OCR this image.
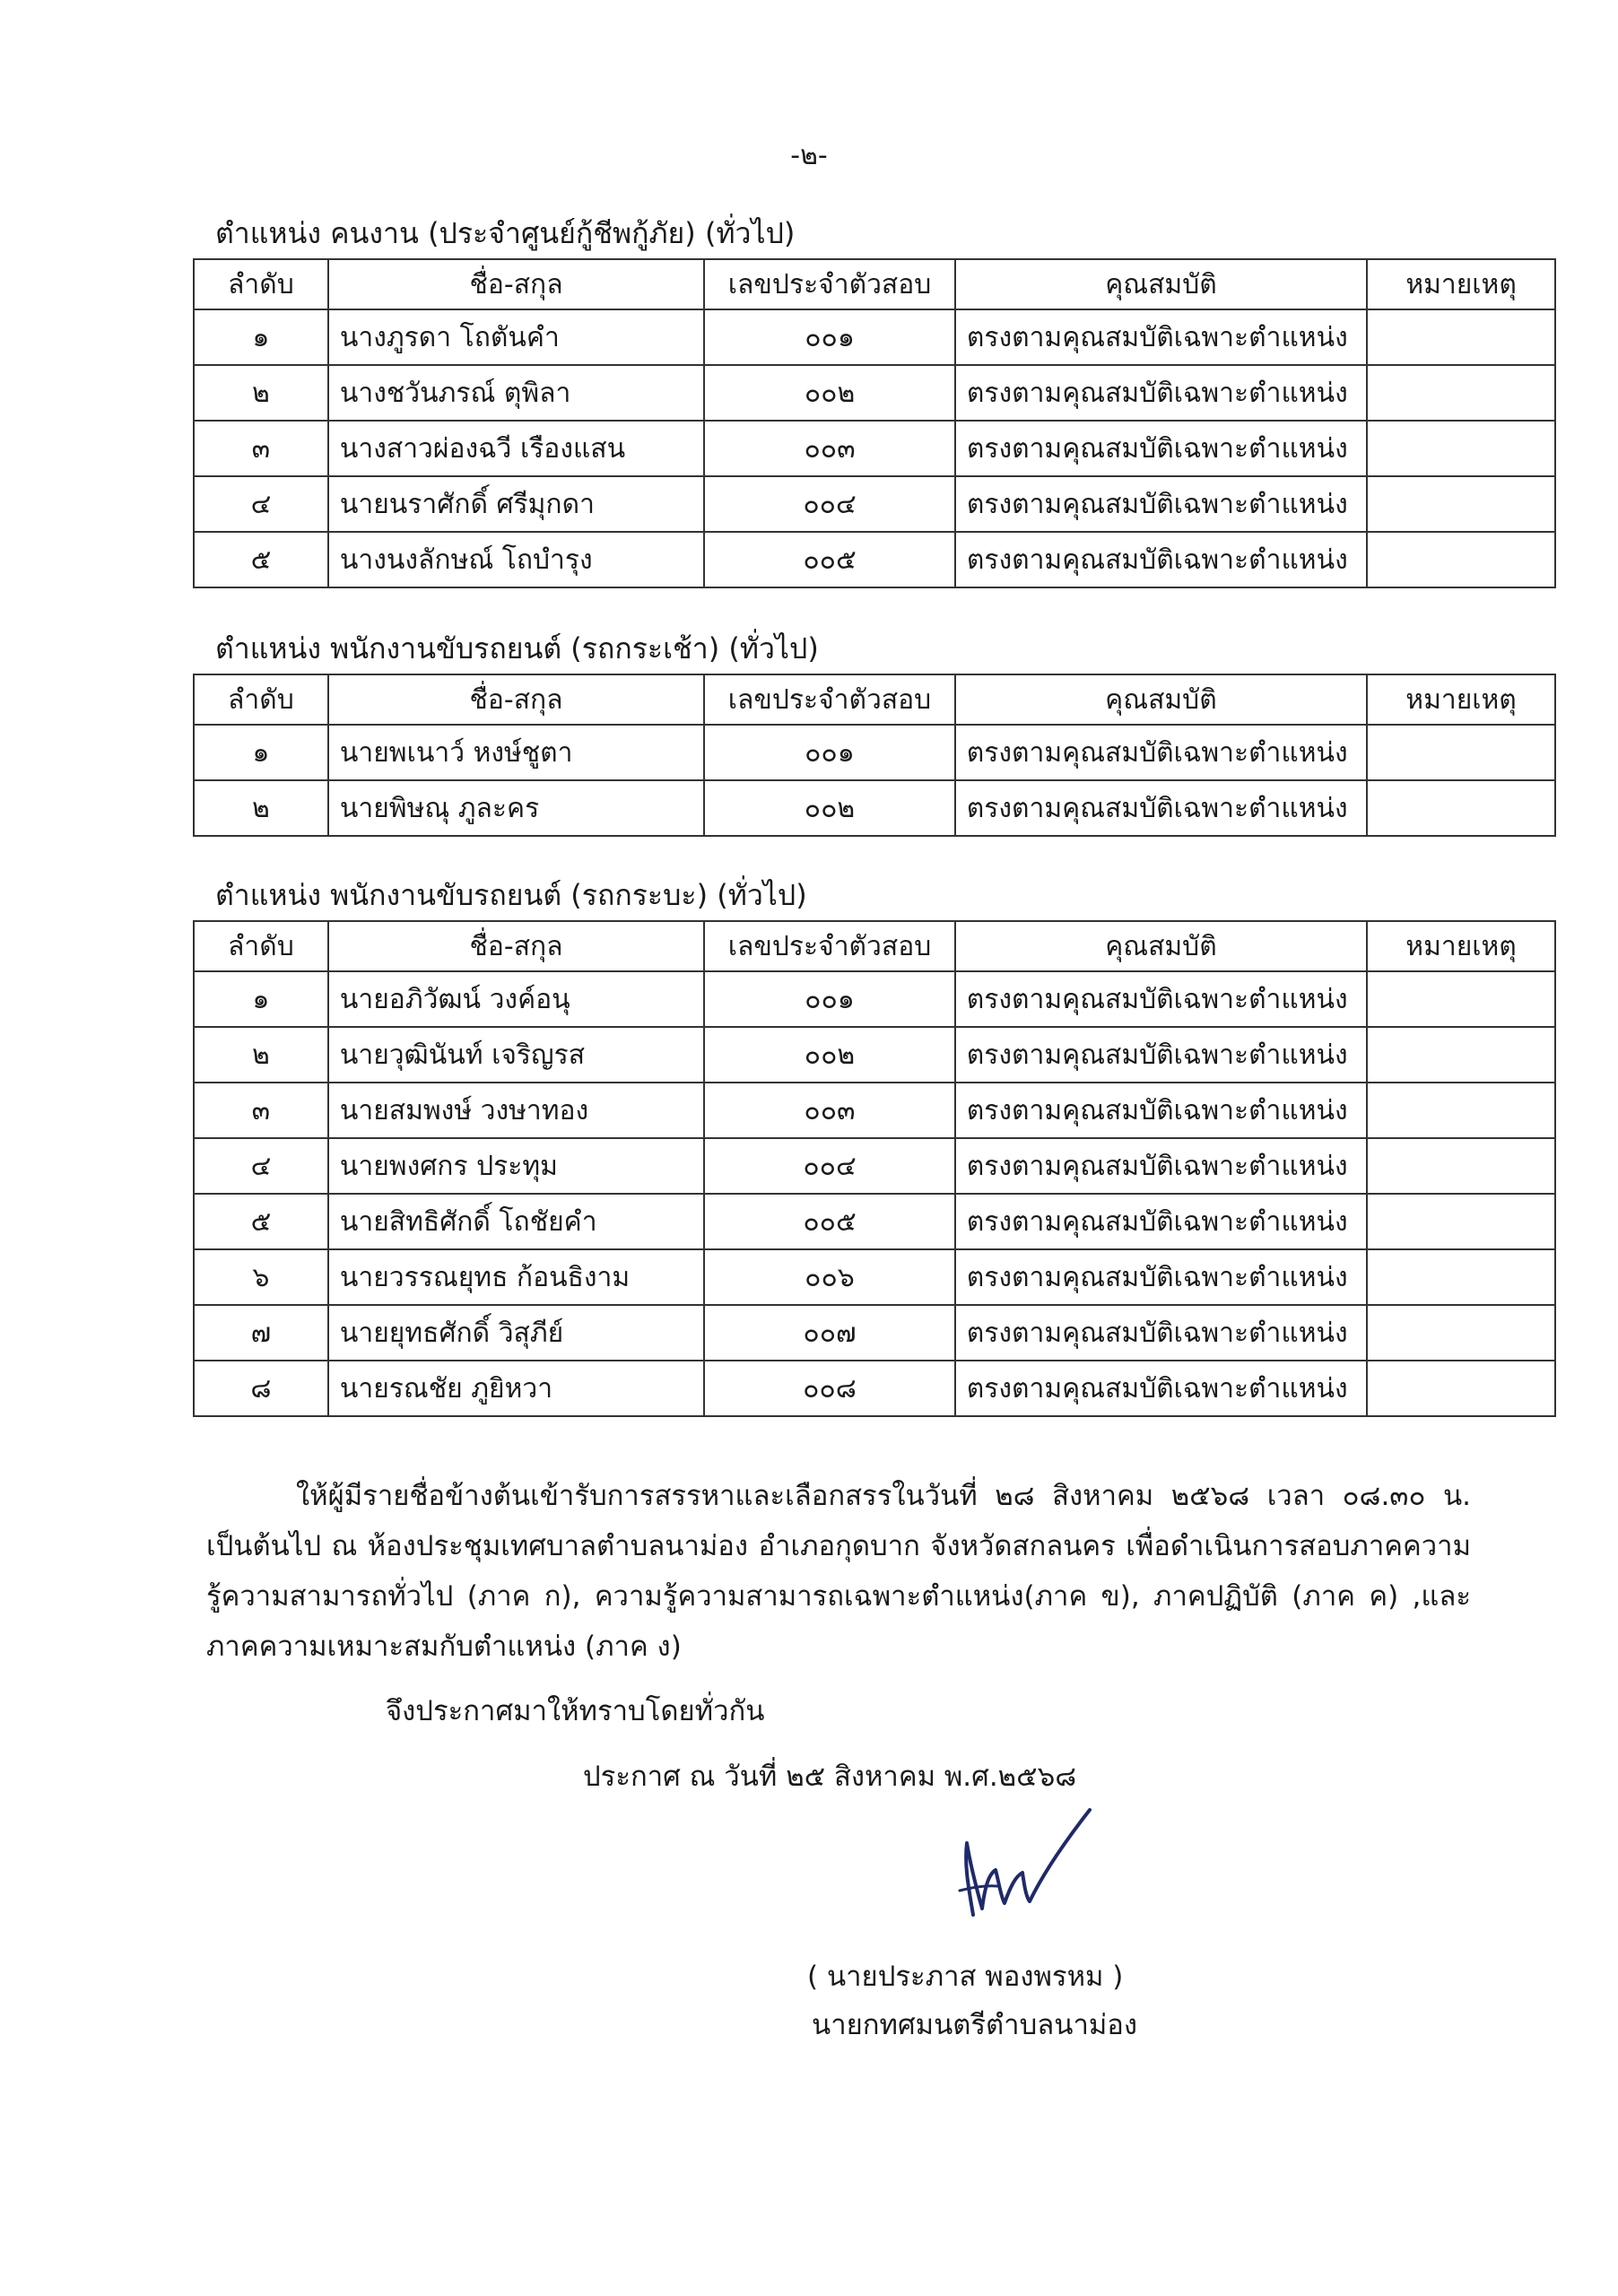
-๒-
ตำแหน่ง คนงาน (ประจำศูนย์กู้ชีพกู้ภัย) (ทั่วไป)
ลำดับ	ชื่อ-สกุล	เลขประจำตัวสอบ	คุณสมบัติ	หมายเหตุ
๑	นางภูรดา โถตันคำ	๐๐๑	ตรงตามคุณสมบัติเฉพาะตำแหน่ง	
๒	นางชวันภรณ์ ตุพิลา	๐๐๒	ตรงตามคุณสมบัติเฉพาะตำแหน่ง	
๓	นางสาวผ่องฉวี เรืองแสน	๐๐๓	ตรงตามคุณสมบัติเฉพาะตำแหน่ง	
๔	นายนราศักดิ์ ศรีมุกดา	๐๐๔	ตรงตามคุณสมบัติเฉพาะตำแหน่ง	
๕	นางนงลักษณ์ โถบำรุง	๐๐๕	ตรงตามคุณสมบัติเฉพาะตำแหน่ง	
ตำแหน่ง พนักงานขับรถยนต์ (รถกระเช้า) (ทั่วไป)
ลำดับ	ชื่อ-สกุล	เลขประจำตัวสอบ	คุณสมบัติ	หมายเหตุ
๑	นายพเนาว์ หงษ์ชูตา	๐๐๑	ตรงตามคุณสมบัติเฉพาะตำแหน่ง	
๒	นายพิษณุ ภูละคร	๐๐๒	ตรงตามคุณสมบัติเฉพาะตำแหน่ง	
ตำแหน่ง พนักงานขับรถยนต์ (รถกระบะ) (ทั่วไป)
ลำดับ	ชื่อ-สกุล	เลขประจำตัวสอบ	คุณสมบัติ	หมายเหตุ
๑	นายอภิวัฒน์ วงค์อนุ	๐๐๑	ตรงตามคุณสมบัติเฉพาะตำแหน่ง	
๒	นายวุฒินันท์ เจริญรส	๐๐๒	ตรงตามคุณสมบัติเฉพาะตำแหน่ง	
๓	นายสมพงษ์ วงษาทอง	๐๐๓	ตรงตามคุณสมบัติเฉพาะตำแหน่ง	
๔	นายพงศกร ประทุม	๐๐๔	ตรงตามคุณสมบัติเฉพาะตำแหน่ง	
๕	นายสิทธิศักดิ์ โถชัยคำ	๐๐๕	ตรงตามคุณสมบัติเฉพาะตำแหน่ง	
๖	นายวรรณยุทธ ก้อนธิงาม	๐๐๖	ตรงตามคุณสมบัติเฉพาะตำแหน่ง	
๗	นายยุทธศักดิ์ วิสุภีย์	๐๐๗	ตรงตามคุณสมบัติเฉพาะตำแหน่ง	
๘	นายรณชัย ภูยิหวา	๐๐๘	ตรงตามคุณสมบัติเฉพาะตำแหน่ง	
ให้ผู้มีรายชื่อข้างต้นเข้ารับการสรรหาและเลือกสรรในวันที่ ๒๘ สิงหาคม ๒๕๖๘ เวลา ๐๘.๓๐ น. เป็นต้นไป ณ ห้องประชุมเทศบาลตำบลนาม่อง อำเภอกุดบาก จังหวัดสกลนคร เพื่อดำเนินการสอบภาคความรู้ความสามารถทั่วไป (ภาค ก), ความรู้ความสามารถเฉพาะตำแหน่ง(ภาค ข), ภาคปฏิบัติ (ภาค ค) ,และภาคความเหมาะสมกับตำแหน่ง (ภาค ง)
จึงประกาศมาให้ทราบโดยทั่วกัน
ประกาศ ณ วันที่ ๒๕ สิงหาคม พ.ศ.๒๕๖๘
( นายประภาส พองพรหม )
นายกทศมนตรีตำบลนาม่อง
